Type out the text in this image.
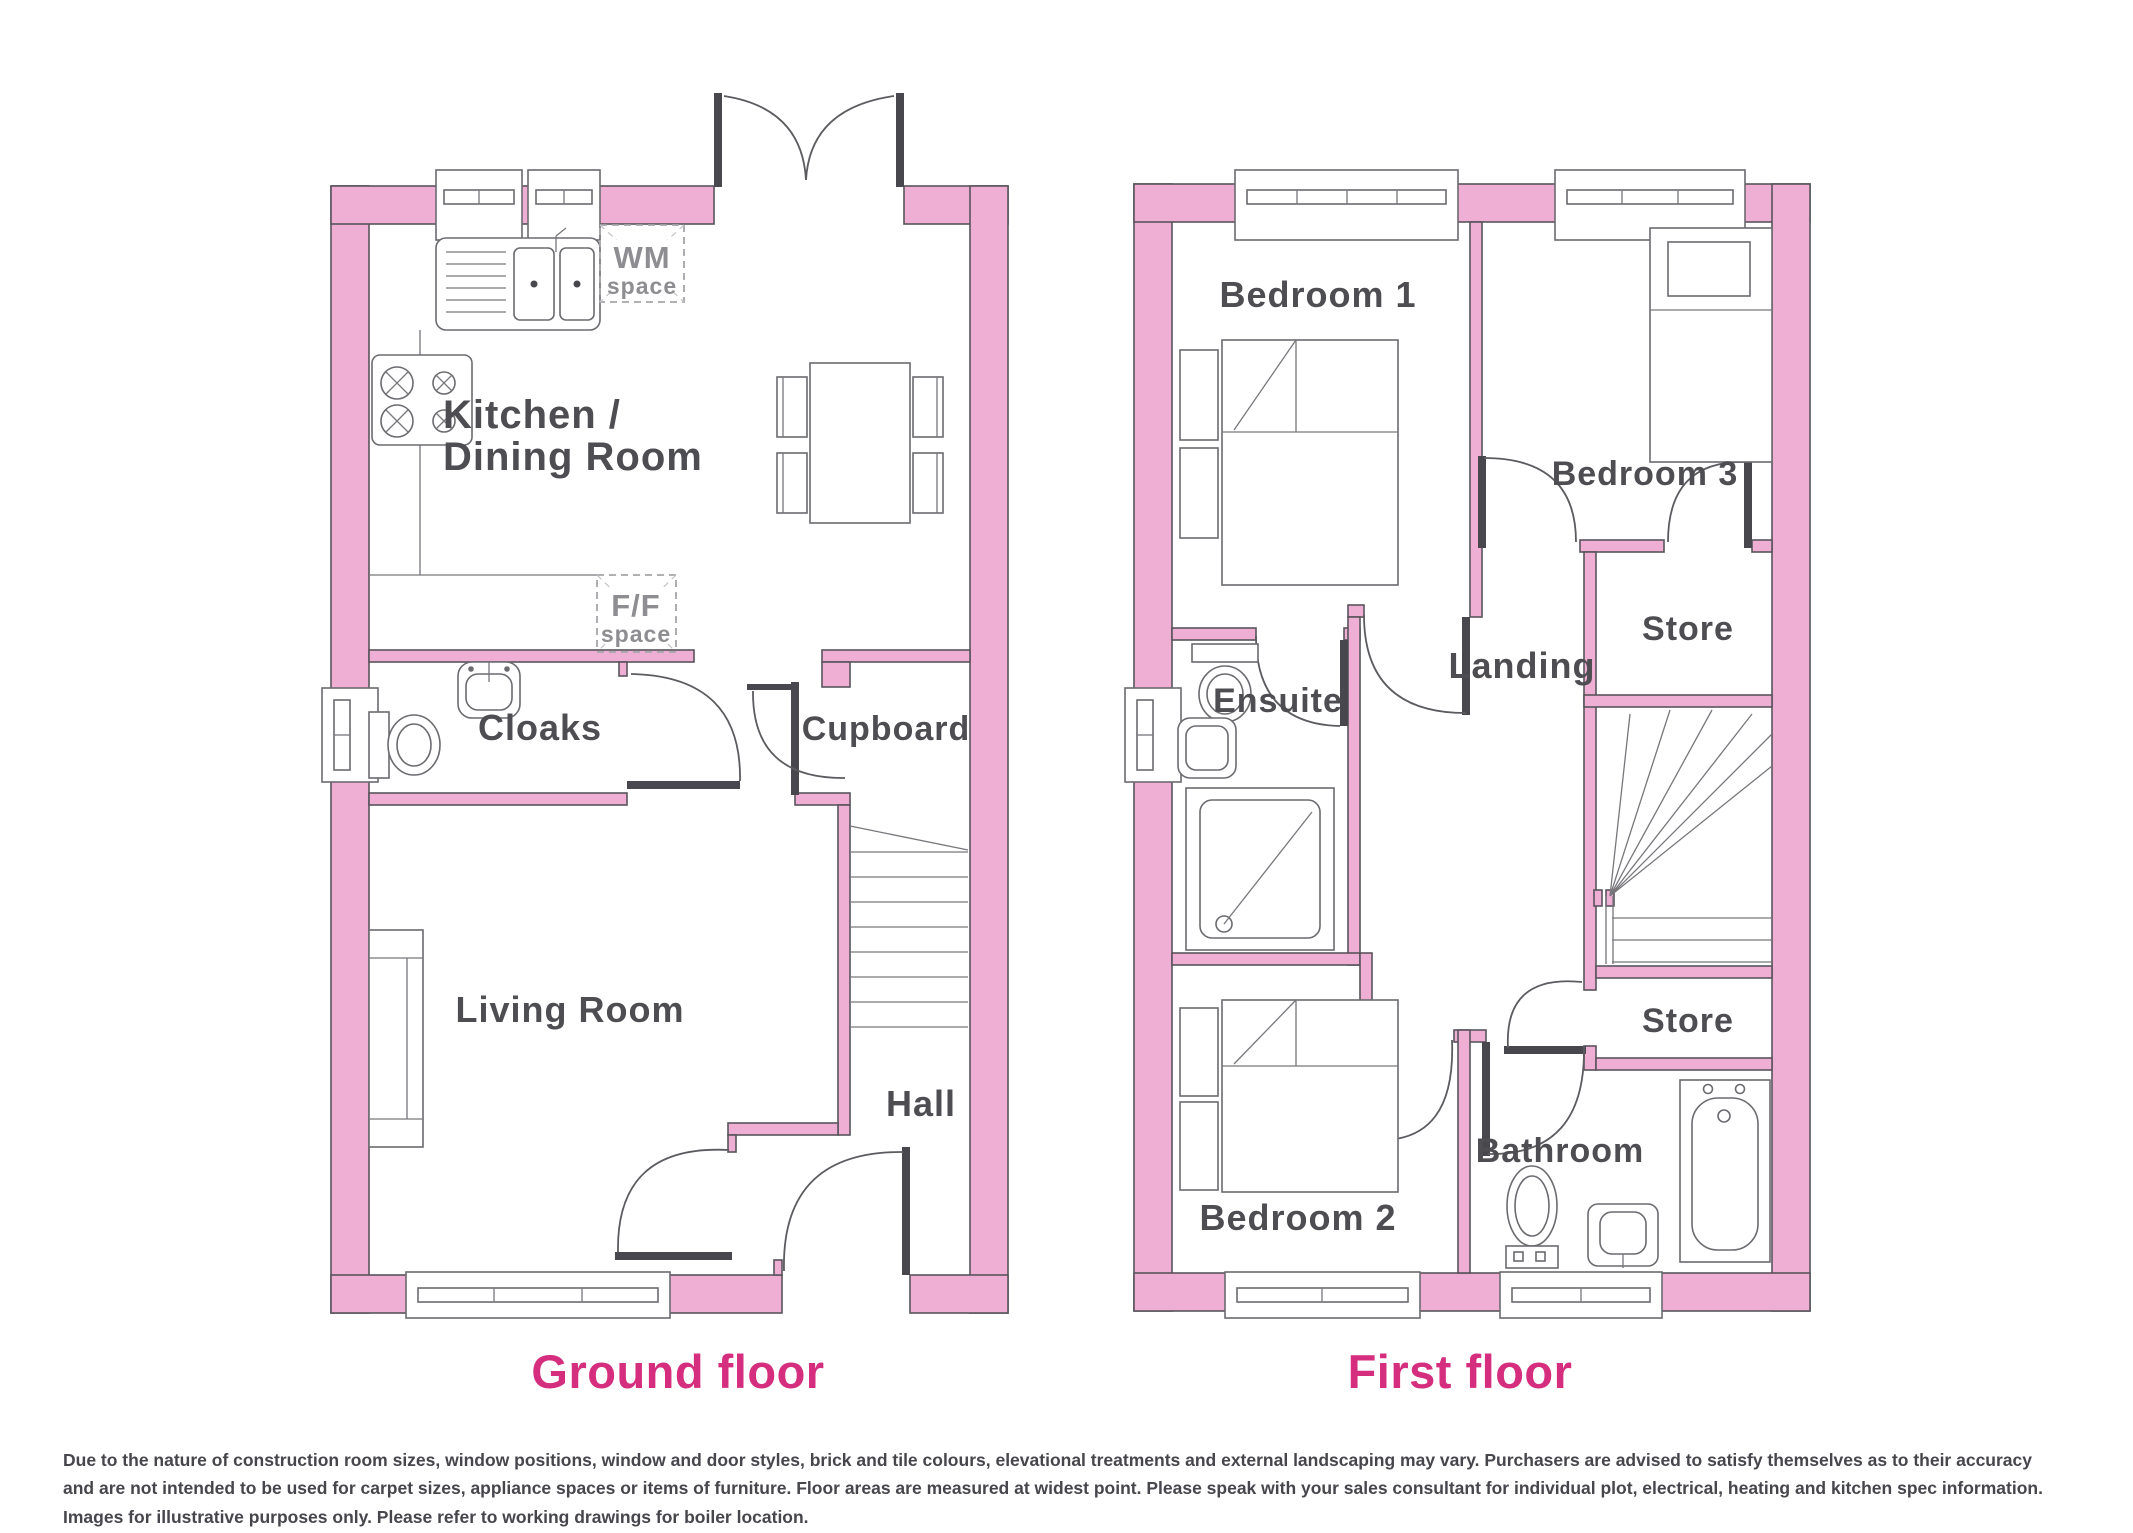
WM
space
F/F
space
Kitchen /
Dining Room
Cloaks	Cupboard
Living Room
Hall
Bedroom 1
Bedroom 3
Store
Landing
Ensuite
Store
Bathroom
Bedroom 2
Ground floor	First floor

Due to the nature of construction room sizes, window positions, window and door styles, brick and tile colours, elevational treatments and external landscaping may vary. Purchasers are advised to satisfy themselves as to their accuracy and are not intended to be used for carpet sizes, appliance spaces or items of furniture. Floor areas are measured at widest point. Please speak with your sales consultant for individual plot, electrical, heating and kitchen spec information. Images for illustrative purposes only. Please refer to working drawings for boiler location.
